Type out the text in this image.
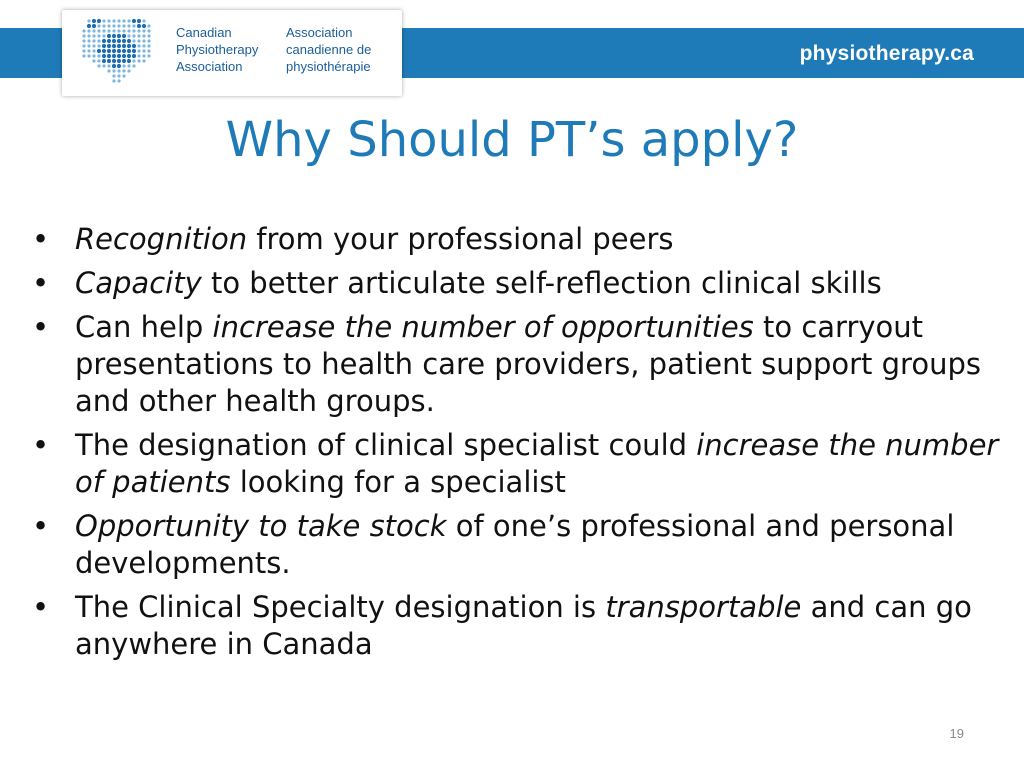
Canadian
Physiotherapy
Association
Association
canadienne de
physiothérapie
physiotherapy.ca
Why Should PT’s apply?
• Recognition from your professional peers
• Capacity to better articulate self-reflection clinical skills
• Can help increase the number of opportunities to carryout presentations to health care providers, patient support groups and other health groups.
• The designation of clinical specialist could increase the number of patients looking for a specialist
• Opportunity to take stock of one’s professional and personal developments.
• The Clinical Specialty designation is transportable and can go anywhere in Canada
19
